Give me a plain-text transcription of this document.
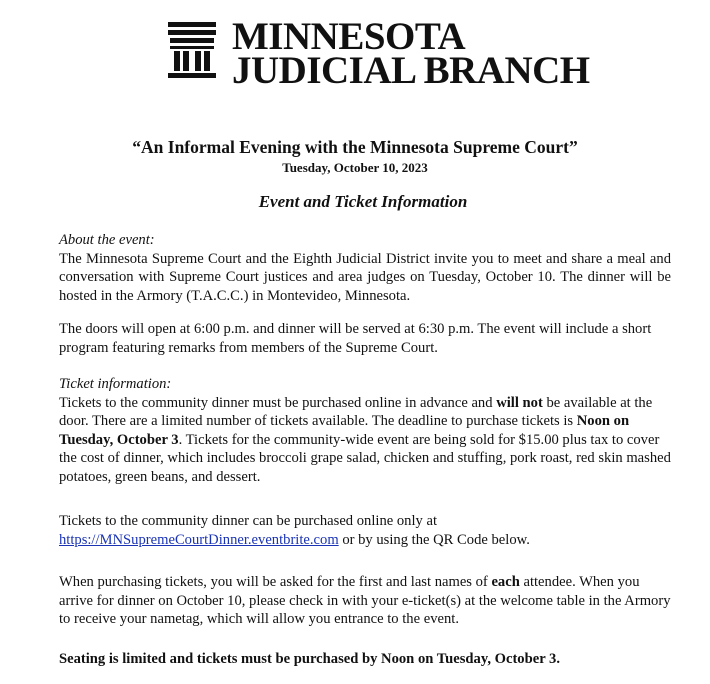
MINNESOTA
JUDICIAL BRANCH
“An Informal Evening with the Minnesota Supreme Court”
Tuesday, October 10, 2023
Event and Ticket Information
About the event:
The Minnesota Supreme Court and the Eighth Judicial District invite you to meet and share a meal and conversation with Supreme Court justices and area judges on Tuesday, October 10. The dinner will be hosted in the Armory (T.A.C.C.) in Montevideo, Minnesota.
The doors will open at 6:00 p.m. and dinner will be served at 6:30 p.m. The event will include a short program featuring remarks from members of the Supreme Court.
Ticket information:
Tickets to the community dinner must be purchased online in advance and will not be available at the door. There are a limited number of tickets available. The deadline to purchase tickets is Noon on Tuesday, October 3. Tickets for the community-wide event are being sold for $15.00 plus tax to cover the cost of dinner, which includes broccoli grape salad, chicken and stuffing, pork roast, red skin mashed potatoes, green beans, and dessert.
Tickets to the community dinner can be purchased online only at
https://MNSupremeCourtDinner.eventbrite.com or by using the QR Code below.
When purchasing tickets, you will be asked for the first and last names of each attendee. When you arrive for dinner on October 10, please check in with your e-ticket(s) at the welcome table in the Armory to receive your nametag, which will allow you entrance to the event.
Seating is limited and tickets must be purchased by Noon on Tuesday, October 3.
